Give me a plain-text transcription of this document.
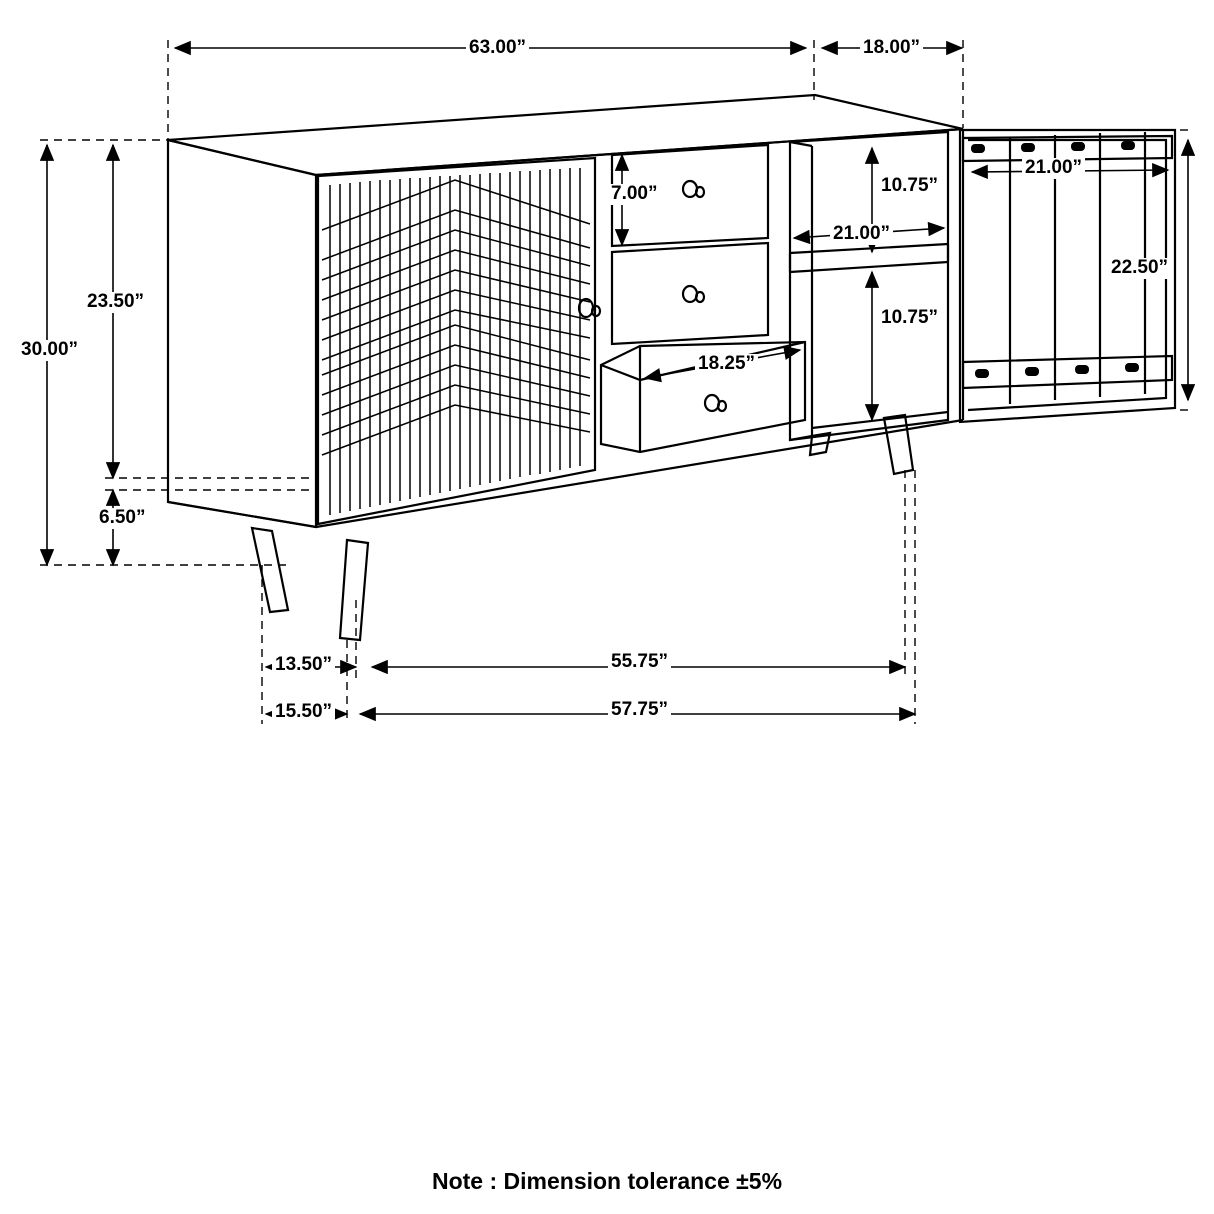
63.00”	18.00”
30.00”
23.50”
6.50”
7.00”	10.75”
10.75”
21.00”
21.00”
22.50”
18.25”
13.50”	55.75”
15.50”	57.75”
Note : Dimension tolerance ±5%
